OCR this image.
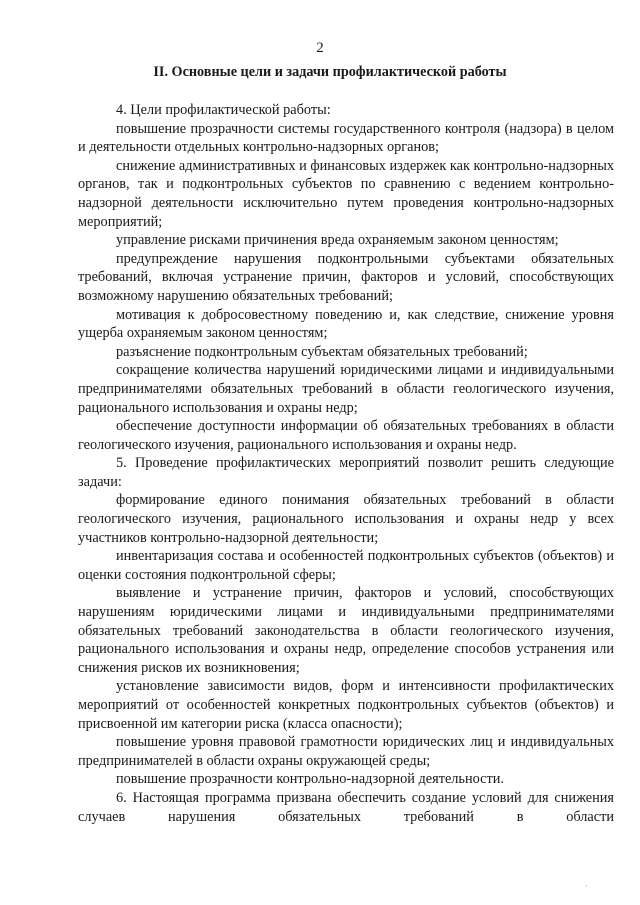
2
II. Основные цели и задачи профилактической работы

4. Цели профилактической работы:

повышение прозрачности системы государственного контроля (надзора) в целом и деятельности отдельных контрольно-надзорных органов;

снижение административных и финансовых издержек как контрольно-надзорных органов, так и подконтрольных субъектов по сравнению с ведением контрольно-надзорной деятельности исключительно путем проведения контрольно-надзорных мероприятий;

управление рисками причинения вреда охраняемым законом ценностям;

предупреждение нарушения подконтрольными субъектами обязательных требований, включая устранение причин, факторов и условий, способствующих возможному нарушению обязательных требований;

мотивация к добросовестному поведению и, как следствие, снижение уровня ущерба охраняемым законом ценностям;

разъяснение подконтрольным субъектам обязательных требований;

сокращение количества нарушений юридическими лицами и индивидуальными предпринимателями обязательных требований в области геологического изучения, рационального использования и охраны недр;

обеспечение доступности информации об обязательных требованиях в области геологического изучения, рационального использования и охраны недр.

5. Проведение профилактических мероприятий позволит решить следующие задачи:

формирование единого понимания обязательных требований в области геологического изучения, рационального использования и охраны недр у всех участников контрольно-надзорной деятельности;

инвентаризация состава и особенностей подконтрольных субъектов (объектов) и оценки состояния подконтрольной сферы;

выявление и устранение причин, факторов и условий, способствующих нарушениям юридическими лицами и индивидуальными предпринимателями обязательных требований законодательства в области геологического изучения, рационального использования и охраны недр, определение способов устранения или снижения рисков их возникновения;

установление зависимости видов, форм и интенсивности профилактических мероприятий от особенностей конкретных подконтрольных субъектов (объектов) и присвоенной им категории риска (класса опасности);

повышение уровня правовой грамотности юридических лиц и индивидуальных предпринимателей в области охраны окружающей среды;

повышение прозрачности контрольно-надзорной деятельности.

6. Настоящая программа призвана обеспечить создание условий для снижения случаев нарушения обязательных требований в области

·
